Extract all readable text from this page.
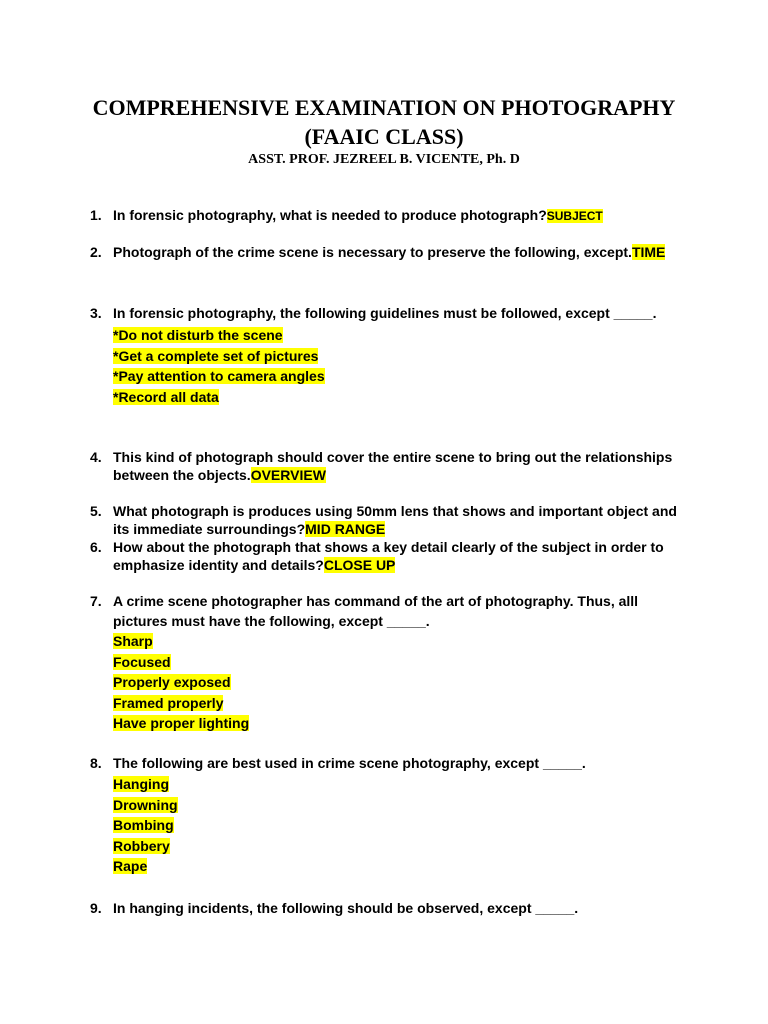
COMPREHENSIVE EXAMINATION ON PHOTOGRAPHY
(FAAIC CLASS)
ASST. PROF. JEZREEL B. VICENTE, Ph. D
1. In forensic photography, what is needed to produce photograph?SUBJECT
2. Photograph of the crime scene is necessary to preserve the following, except.TIME
3. In forensic photography, the following guidelines must be followed, except _____.
*Do not disturb the scene
*Get a complete set of pictures
*Pay attention to camera angles
*Record all data
4. This kind of photograph should cover the entire scene to bring out the relationships between the objects.OVERVIEW
5. What photograph is produces using 50mm lens that shows and important object and its immediate surroundings?MID RANGE
6. How about the photograph that shows a key detail clearly of the subject in order to emphasize identity and details?CLOSE UP
7. A crime scene photographer has command of the art of photography. Thus, alll pictures must have the following, except _____.
Sharp
Focused
Properly exposed
Framed properly
Have proper lighting
8. The following are best used in crime scene photography, except _____.
Hanging
Drowning
Bombing
Robbery
Rape
9. In hanging incidents, the following should be observed, except _____.
